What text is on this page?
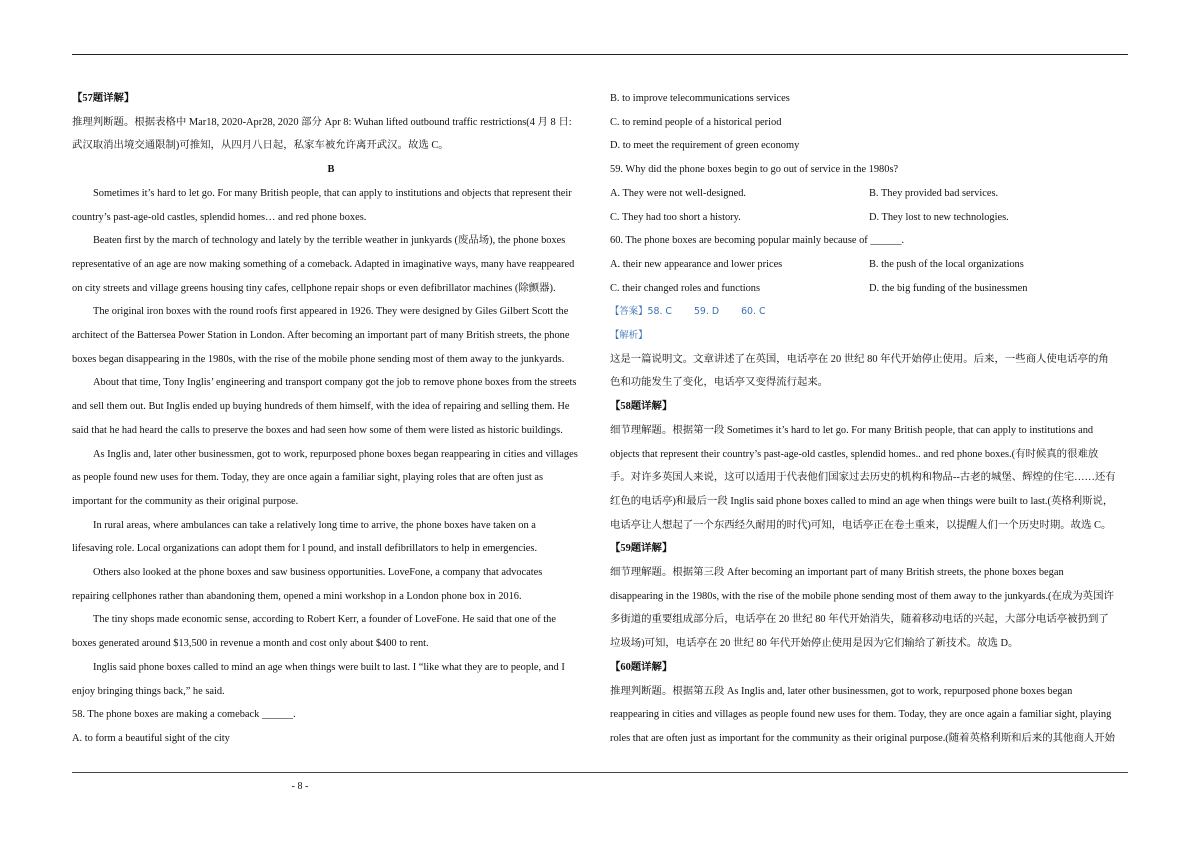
【57题详解】

推理判断题。根据表格中 Mar18, 2020-Apr28, 2020 部分 Apr 8: Wuhan lifted outbound traffic restrictions(4 月 8 日:

武汉取消出境交通限制)可推知，从四月八日起，私家车被允许离开武汉。故选 C。

B

Sometimes it’s hard to let go. For many British people, that can apply to institutions and objects that represent their

country’s past-age-old castles, splendid homes… and red phone boxes.

Beaten first by the march of technology and lately by the terrible weather in junkyards (废品场), the phone boxes

representative of an age are now making something of a comeback. Adapted in imaginative ways, many have reappeared

on city streets and village greens housing tiny cafes, cellphone repair shops or even defibrillator machines (除颤器).

The original iron boxes with the round roofs first appeared in 1926. They were designed by Giles Gilbert Scott the

architect of the Battersea Power Station in London. After becoming an important part of many British streets, the phone

boxes began disappearing in the 1980s, with the rise of the mobile phone sending most of them away to the junkyards.

About that time, Tony Inglis’ engineering and transport company got the job to remove phone boxes from the streets

and sell them out. But Inglis ended up buying hundreds of them himself, with the idea of repairing and selling them. He

said that he had heard the calls to preserve the boxes and had seen how some of them were listed as historic buildings.

As Inglis and, later other businessmen, got to work, repurposed phone boxes began reappearing in cities and villages

as people found new uses for them. Today, they are once again a familiar sight, playing roles that are often just as

important for the community as their original purpose.

In rural areas, where ambulances can take a relatively long time to arrive, the phone boxes have taken on a

lifesaving role. Local organizations can adopt them for l pound, and install defibrillators to help in emergencies.

Others also looked at the phone boxes and saw business opportunities. LoveFone, a company that advocates

repairing cellphones rather than abandoning them, opened a mini workshop in a London phone box in 2016.

The tiny shops made economic sense, according to Robert Kerr, a founder of LoveFone. He said that one of the

boxes generated around $13,500 in revenue a month and cost only about $400 to rent.

Inglis said phone boxes called to mind an age when things were built to last. I “like what they are to people, and I

enjoy bringing things back,” he said.

58. The phone boxes are making a comeback ______.

A. to form a beautiful sight of the city

B. to improve telecommunications services

C. to remind people of a historical period

D. to meet the requirement of green economy

59. Why did the phone boxes begin to go out of service in the 1980s?

A. They were not well-designed.	B. They provided bad services.
C. They had too short a history.	D. They lost to new technologies.

60. The phone boxes are becoming popular mainly because of ______.

A. their new appearance and lower prices	B. the push of the local organizations
C. their changed roles and functions	D. the big funding of the businessmen

【答案】58. C 59. D 60. C

【解析】

这是一篇说明文。文章讲述了在英国，电话亭在 20 世纪 80 年代开始停止使用。后来，一些商人使电话亭的角

色和功能发生了变化，电话亭又变得流行起来。

【58题详解】

细节理解题。根据第一段 Sometimes it’s hard to let go. For many British people, that can apply to institutions and

objects that represent their country’s past-age-old castles, splendid homes.. and red phone boxes.(有时候真的很难放

手。对许多英国人来说，这可以适用于代表他们国家过去历史的机构和物品--古老的城堡、辉煌的住宅……还有

红色的电话亭)和最后一段 Inglis said phone boxes called to mind an age when things were built to last.(英格利斯说，

电话亭让人想起了一个东西经久耐用的时代)可知，电话亭正在卷土重来，以提醒人们一个历史时期。故选 C。

【59题详解】

细节理解题。根据第三段 After becoming an important part of many British streets, the phone boxes began

disappearing in the 1980s, with the rise of the mobile phone sending most of them away to the junkyards.(在成为英国许

多街道的重要组成部分后，电话亭在 20 世纪 80 年代开始消失，随着移动电话的兴起，大部分电话亭被扔到了

垃圾场)可知，电话亭在 20 世纪 80 年代开始停止使用是因为它们输给了新技术。故选 D。

【60题详解】

推理判断题。根据第五段 As Inglis and, later other businessmen, got to work, repurposed phone boxes began

reappearing in cities and villages as people found new uses for them. Today, they are once again a familiar sight, playing

roles that are often just as important for the community as their original purpose.(随着英格利斯和后来的其他商人开始

- 8 -
